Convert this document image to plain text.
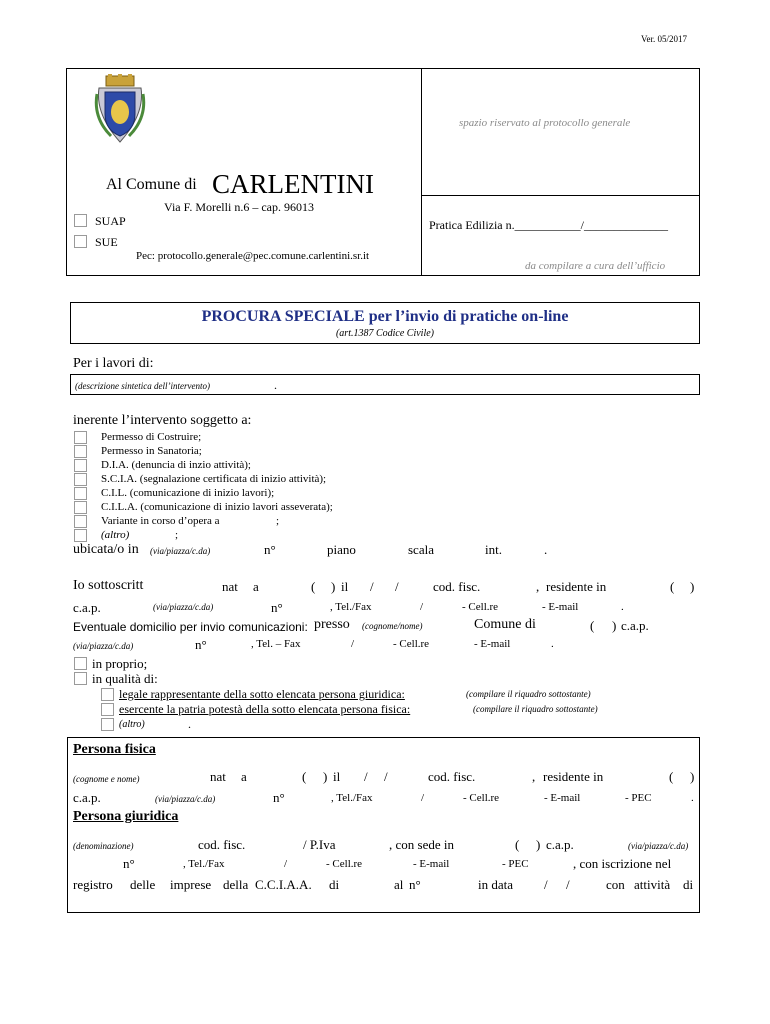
Ver. 05/2017
Al Comune di CARLENTINI
Via F. Morelli n.6 – cap. 96013
SUAP
SUE
Pec: protocollo.generale@pec.comune.carlentini.sr.it
spazio riservato al protocollo generale
Pratica Edilizia n.___________/______________
da compilare a cura dell’ufficio
PROCURA SPECIALE per l’invio di pratiche on-line
(art.1387 Codice Civile)
Per i lavori di:
(descrizione sintetica dell’intervento)	.
inerente l’intervento soggetto a:
Permesso di Costruire;
Permesso in Sanatoria;
D.I.A. (denuncia di inzio attività);
S.C.I.A. (segnalazione certificata di inizio attività);
C.I.L. (comunicazione di inizio lavori);
C.I.L.A. (comunicazione di inizio lavori asseverata);
Variante in corso d’opera a	;
(altro)	;
ubicata/o in (via/piazza/c.da)	n°	piano	scala	int.	.
Io sottoscritt	nat a	( ) il / /	cod. fisc.	, residente in	( )
c.a.p.	(via/piazza/c.da)	n°	, Tel./Fax	/	- Cell.re	- E-mail	.
Eventuale domicilio per invio comunicazioni: presso (cognome/nome)	Comune di	( ) c.a.p.
(via/piazza/c.da)	n°	, Tel. – Fax	/	- Cell.re	- E-mail	.
in proprio;
in qualità di:
legale rappresentante della sotto elencata persona giuridica:	(compilare il riquadro sottostante)
esercente la patria potestà della sotto elencata persona fisica:	(compilare il riquadro sottostante)
(altro)	.
Persona fisica
(cognome e nome)	nat a	( ) il / /	cod. fisc.	, residente in	( )
c.a.p.	(via/piazza/c.da)	n°	, Tel./Fax	/	- Cell.re	- E-mail	- PEC	.
Persona giuridica
(denominazione)	cod. fisc.	/ P.Iva	, con sede in	( ) c.a.p.	(via/piazza/c.da)
n°	, Tel./Fax	/	- Cell.re	- E-mail	- PEC	, con iscrizione nel
registro delle imprese della C.C.I.A.A. di	al n°	in data / /	con attività di
